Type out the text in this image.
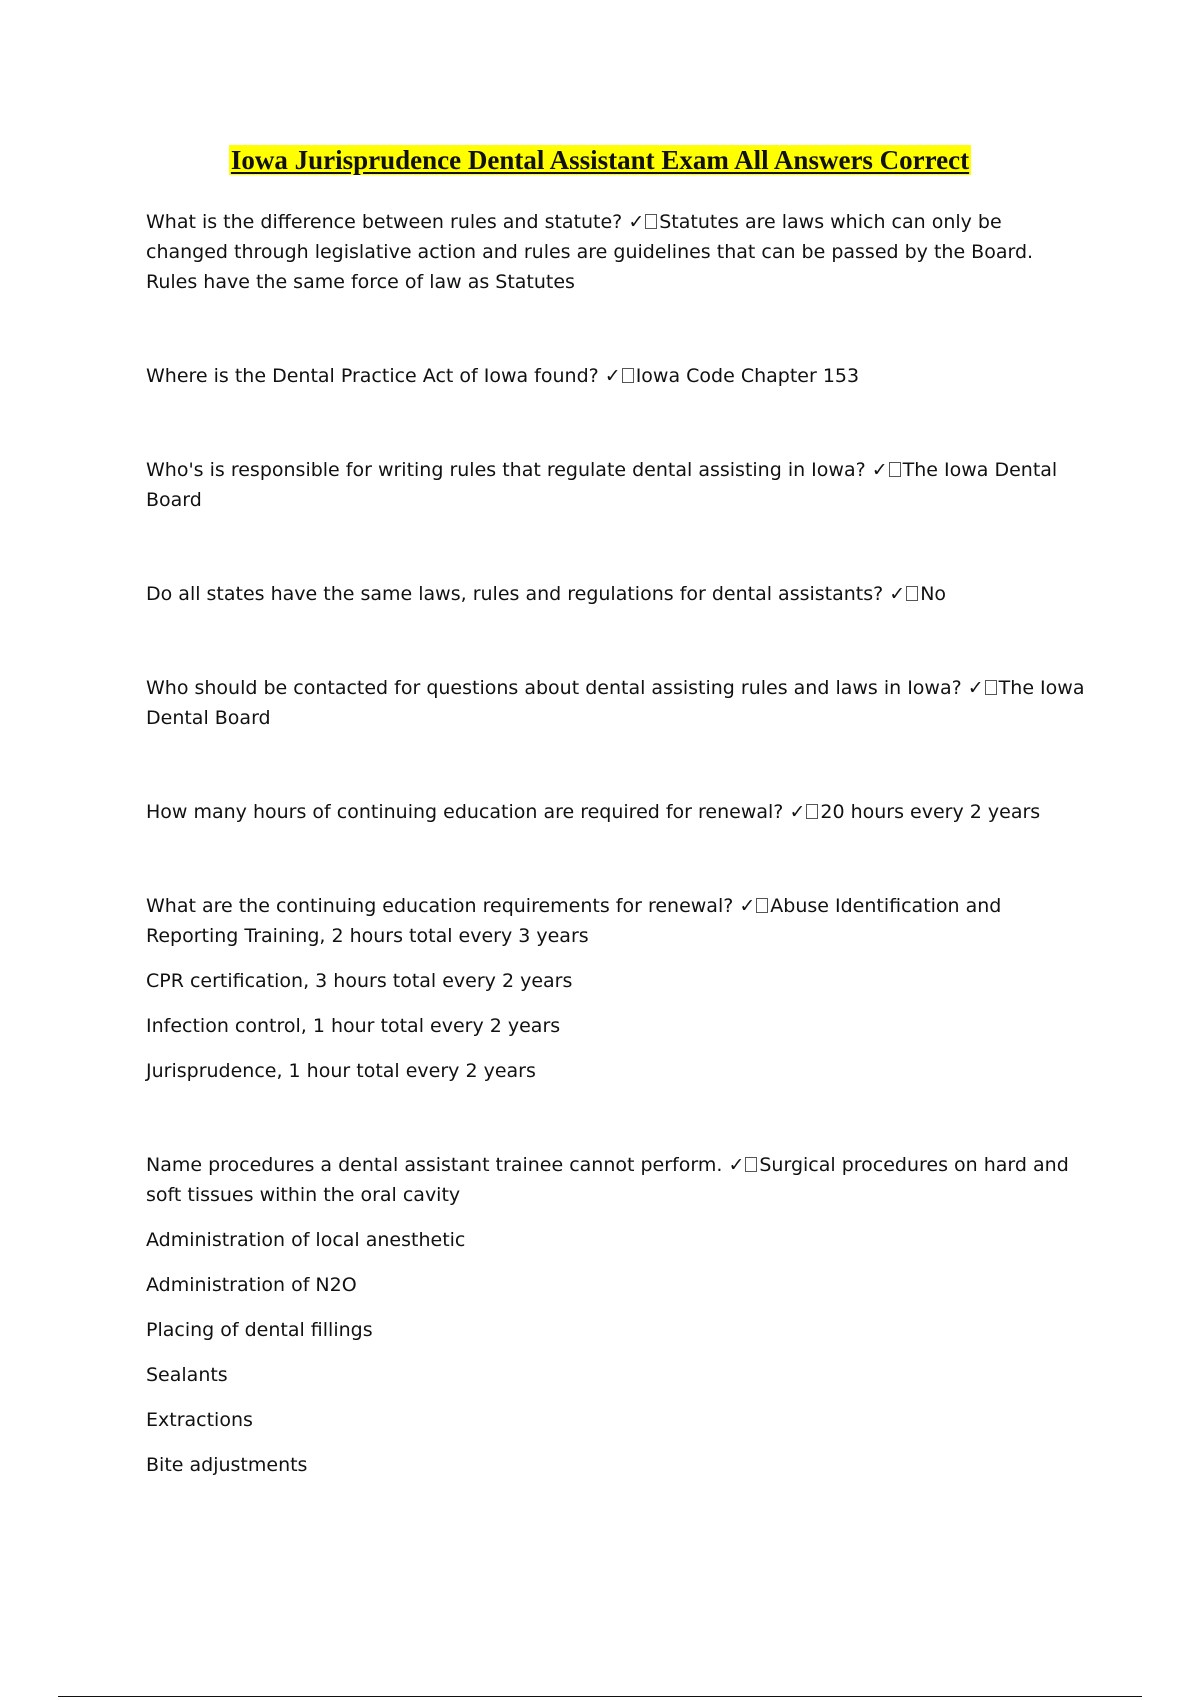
Iowa Jurisprudence Dental Assistant Exam All Answers Correct

What is the difference between rules and statute? ✓ Statutes are laws which can only be changed through legislative action and rules are guidelines that can be passed by the Board. Rules have the same force of law as Statutes

Where is the Dental Practice Act of Iowa found? ✓ Iowa Code Chapter 153

Who's is responsible for writing rules that regulate dental assisting in Iowa? ✓ The Iowa Dental Board

Do all states have the same laws, rules and regulations for dental assistants? ✓ No

Who should be contacted for questions about dental assisting rules and laws in Iowa? ✓ The Iowa Dental Board

How many hours of continuing education are required for renewal? ✓ 20 hours every 2 years

What are the continuing education requirements for renewal? ✓ Abuse Identification and Reporting Training, 2 hours total every 3 years

CPR certification, 3 hours total every 2 years

Infection control, 1 hour total every 2 years

Jurisprudence, 1 hour total every 2 years

Name procedures a dental assistant trainee cannot perform. ✓ Surgical procedures on hard and soft tissues within the oral cavity

Administration of local anesthetic

Administration of N2O

Placing of dental fillings

Sealants

Extractions

Bite adjustments
